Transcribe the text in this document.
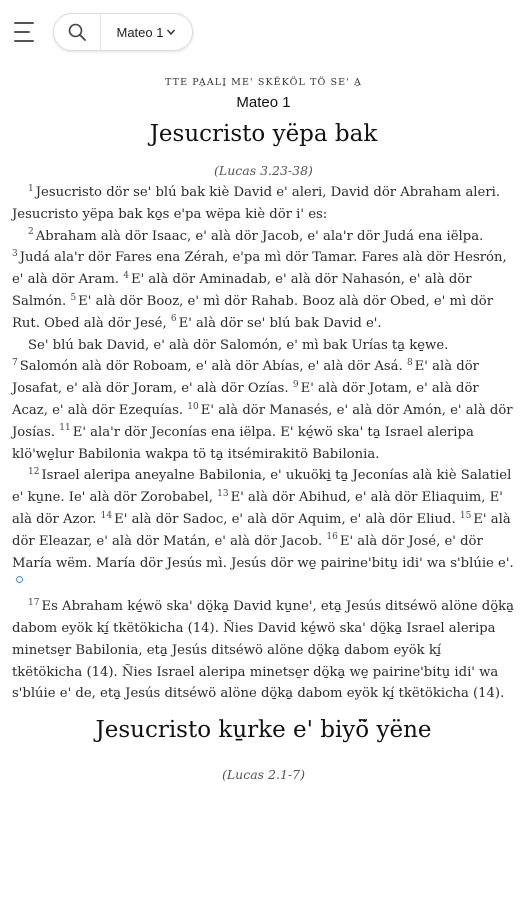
Mateo 1
TTE PA̱ALI̱ ME' SKËKÖL TÖ SE' A̱
Mateo 1
Jesucristo yëpa bak
(Lucas 3.23-38)
$^1$ Jesucristo dör se' blú bak kiè David e' aleri, David dör Abraham aleri. Jesucristo yëpa bak ko̱s e'pa wëpa kiè dör i' es:
$^2$ Abraham alà dör Isaac, e' alà dör Jacob, e' ala'r dör Judá ena iëlpa. $^3$ Judá ala'r dör Fares ena Zérah, e'pa mì dör Tamar. Fares alà dör Hesrón, e' alà dör Aram. $^4$ E' alà dör Aminadab, e' alà dör Nahasón, e' alà dör Salmón. $^5$ E' alà dör Booz, e' mì dör Rahab. Booz alà dör Obed, e' mì dör Rut. Obed alà dör Jesé, $^6$ E' alà dör se' blú bak David e'.
Se' blú bak David, e' alà dör Salomón, e' mì bak Urías ta̱ ke̱we. $^7$ Salomón alà dör Roboam, e' alà dör Abías, e' alà dör Asá. $^8$ E' alà dör Josafat, e' alà dör Joram, e' alà dör Ozías. $^9$ E' alà dör Jotam, e' alà dör Acaz, e' alà dör Ezequías. $^{10}$ E' alà dör Manasés, e' alà dör Amón, e' alà dör Josías. $^{11}$ E' ala'r dör Jeconías ena iëlpa. E' ké̱wö ska' ta̱ Israel aleripa klö'we̱lur Babilonia wakpa tö ta̱ itsémirakitö Babilonia.
$^{12}$ Israel aleripa aneyalne Babilonia, e' ukuöki̱ ta̱ Jeconías alà kiè Salatiel e' ku̱ne. Ie' alà dör Zorobabel, $^{13}$ E' alà dör Abihud, e' alà dör Eliaquim, E' alà dör Azor. $^{14}$ E' alà dör Sadoc, e' alà dör Aquim, e' alà dör Eliud. $^{15}$ E' alà dör Eleazar, e' alà dör Matán, e' alà dör Jacob. $^{16}$ E' alà dör José, e' dör María wëm. María dör Jesús mì. Jesús dör we̱ pairine'bitu̱ idi' wa s'blúie e'.
$^{17}$ Es Abraham ké̱wö ska' dö̱ka̱ David ku̱ne', eta̱ Jesús ditséwö alöne dö̱ka̱ dabom eyök kí̱ tkëtökicha (14). Ñies David ké̱wö ska' dö̱ka̱ Israel aleripa minetse̱r Babilonia, eta̱ Jesús ditséwö alöne dö̱ka̱ dabom eyök kí̱ tkëtökicha (14). Ñies Israel aleripa minetse̱r dö̱ka̱ we̱ pairine'bitu̱ idi' wa s'blúie e' de, eta̱ Jesús ditséwö alöne dö̱ka̱ dabom eyök kí̱ tkëtökicha (14).
Jesucristo ku̱rke e' biyö̃ yëne
(Lucas 2.1-7)
